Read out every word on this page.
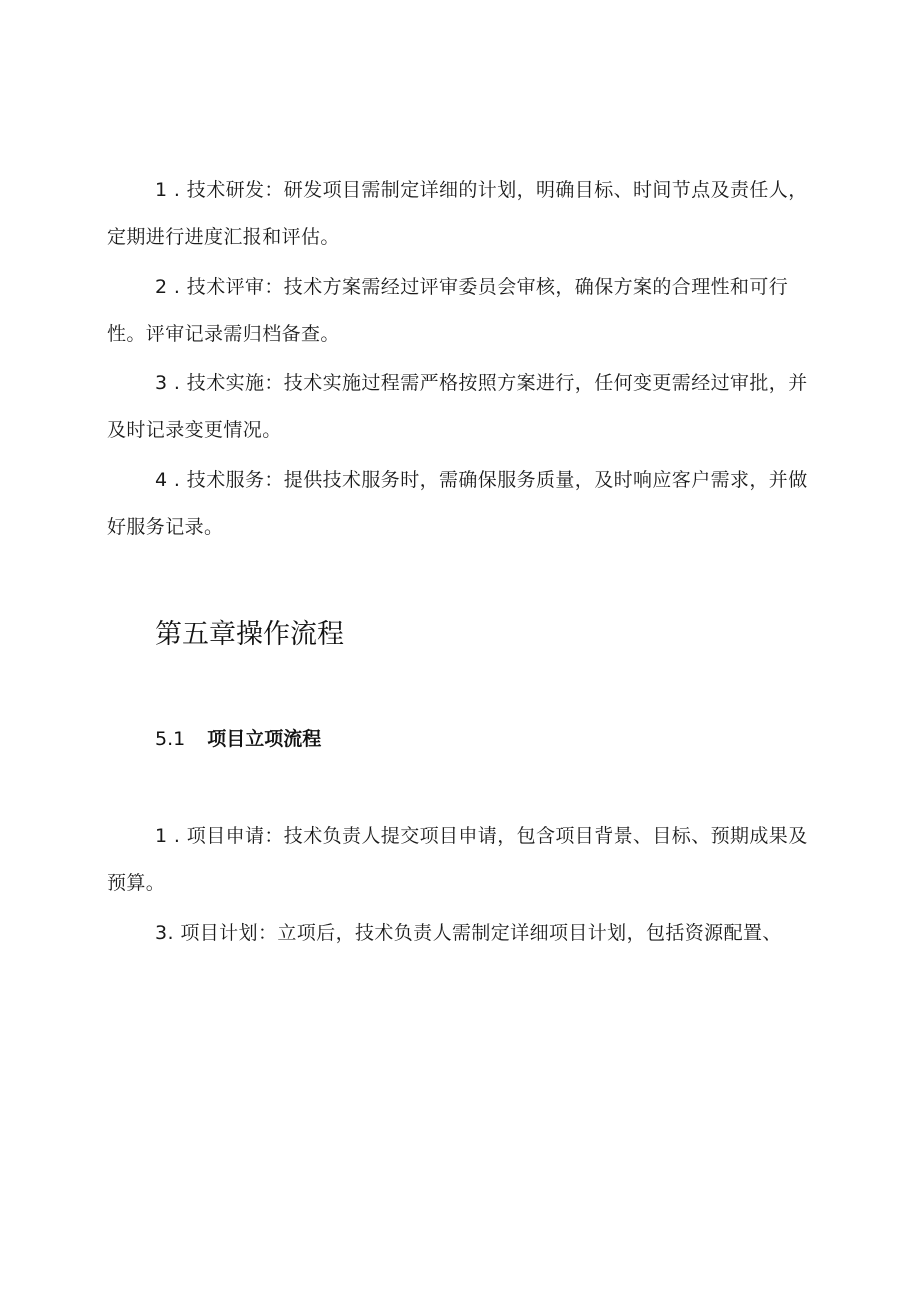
1 . 技术研发：研发项目需制定详细的计划，明确目标、时间节点及责任人，定期进行进度汇报和评估。

2 . 技术评审：技术方案需经过评审委员会审核，确保方案的合理性和可行性。评审记录需归档备查。

3 . 技术实施：技术实施过程需严格按照方案进行，任何变更需经过审批，并及时记录变更情况。

4 . 技术服务：提供技术服务时，需确保服务质量，及时响应客户需求，并做好服务记录。

第五章操作流程
5.1 项目立项流程

1 . 项目申请：技术负责人提交项目申请，包含项目背景、目标、预期成果及预算。

3. 项目计划：立项后，技术负责人需制定详细项目计划，包括资源配置、
